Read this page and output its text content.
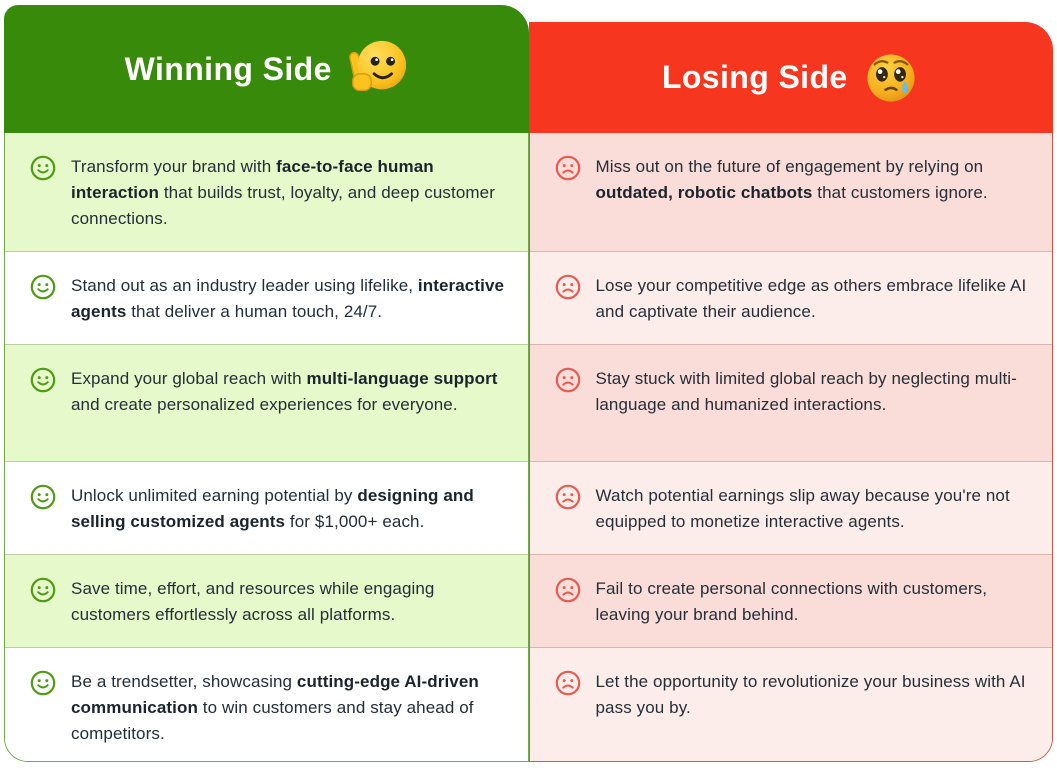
Winning Side

Transform your brand with face-to-face human interaction that builds trust, loyalty, and deep customer connections.

Stand out as an industry leader using lifelike, interactive agents that deliver a human touch, 24/7.

Expand your global reach with multi-language support and create personalized experiences for everyone.

Unlock unlimited earning potential by designing and selling customized agents for $1,000+ each.

Save time, effort, and resources while engaging customers effortlessly across all platforms.

Be a trendsetter, showcasing cutting-edge AI-driven communication to win customers and stay ahead of competitors.

Losing Side

Miss out on the future of engagement by relying on outdated, robotic chatbots that customers ignore.

Lose your competitive edge as others embrace lifelike AI and captivate their audience.

Stay stuck with limited global reach by neglecting multi-language and humanized interactions.

Watch potential earnings slip away because you're not equipped to monetize interactive agents.

Fail to create personal connections with customers, leaving your brand behind.

Let the opportunity to revolutionize your business with AI pass you by.
